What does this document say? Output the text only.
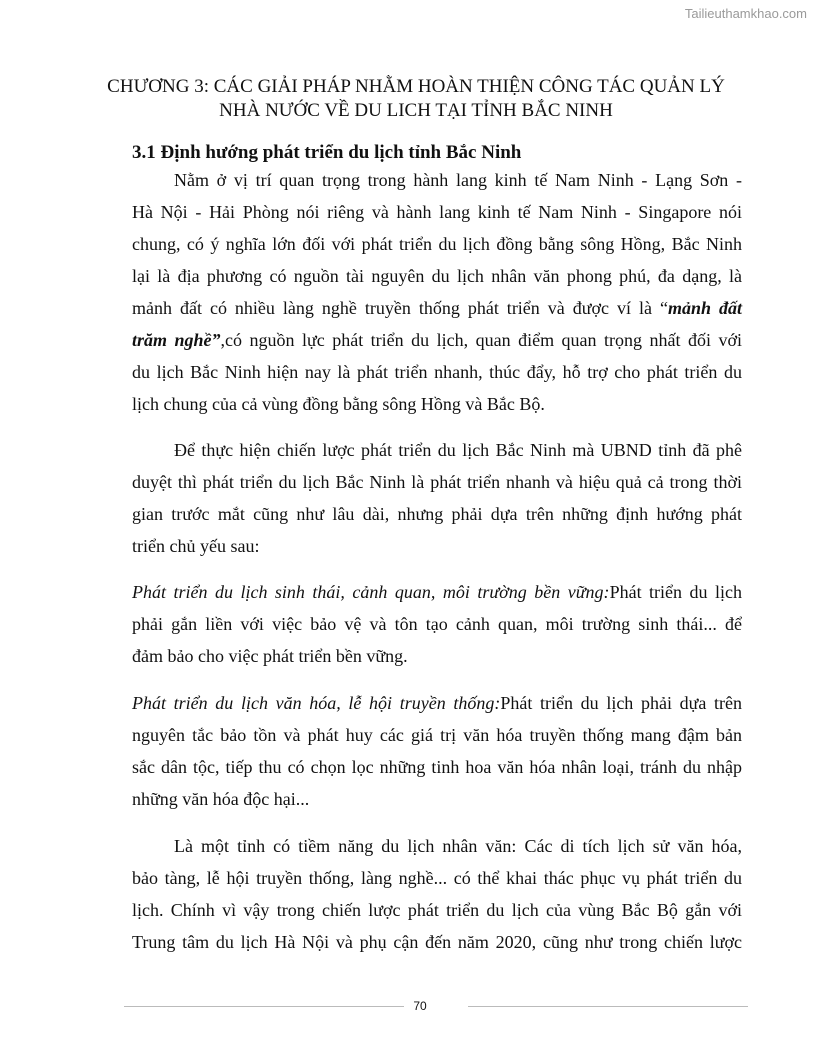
Tailieuthamkhao.com
CHƯƠNG 3: CÁC GIẢI PHÁP NHẰM HOÀN THIỆN CÔNG TÁC QUẢN LÝ
NHÀ NƯỚC VỀ DU LICH TẠI TỈNH BẮC NINH
3.1 Định hướng phát triển du lịch tỉnh Bắc Ninh
Nằm ở vị trí quan trọng trong hành lang kinh tế Nam Ninh - Lạng Sơn -
Hà Nội - Hải Phòng nói riêng và hành lang kinh tế Nam Ninh - Singapore nói
chung, có ý nghĩa lớn đối với phát triển du lịch đồng bằng sông Hồng, Bắc Ninh
lại là địa phương có nguồn tài nguyên du lịch nhân văn phong phú, đa dạng, là
mảnh đất có nhiều làng nghề truyền thống phát triển và được ví là “mảnh đất
trăm nghề”,có nguồn lực phát triển du lịch, quan điểm quan trọng nhất đối với
du lịch Bắc Ninh hiện nay là phát triển nhanh, thúc đẩy, hỗ trợ cho phát triển du
lịch chung của cả vùng đồng bằng sông Hồng và Bắc Bộ.
Để thực hiện chiến lược phát triển du lịch Bắc Ninh mà UBND tỉnh đã phê
duyệt thì phát triển du lịch Bắc Ninh là phát triển nhanh và hiệu quả cả trong thời
gian trước mắt cũng như lâu dài, nhưng phải dựa trên những định hướng phát
triển chủ yếu sau:
Phát triển du lịch sinh thái, cảnh quan, môi trường bền vững:Phát triển du lịch
phải gắn liền với việc bảo vệ và tôn tạo cảnh quan, môi trường sinh thái... để
đảm bảo cho việc phát triển bền vững.
Phát triển du lịch văn hóa, lễ hội truyền thống:Phát triển du lịch phải dựa trên
nguyên tắc bảo tồn và phát huy các giá trị văn hóa truyền thống mang đậm bản
sắc dân tộc, tiếp thu có chọn lọc những tinh hoa văn hóa nhân loại, tránh du nhập
những văn hóa độc hại...
Là một tỉnh có tiềm năng du lịch nhân văn: Các di tích lịch sử văn hóa,
bảo tàng, lễ hội truyền thống, làng nghề... có thể khai thác phục vụ phát triển du
lịch. Chính vì vậy trong chiến lược phát triển du lịch của vùng Bắc Bộ gắn với
Trung tâm du lịch Hà Nội và phụ cận đến năm 2020, cũng như trong chiến lược
70
